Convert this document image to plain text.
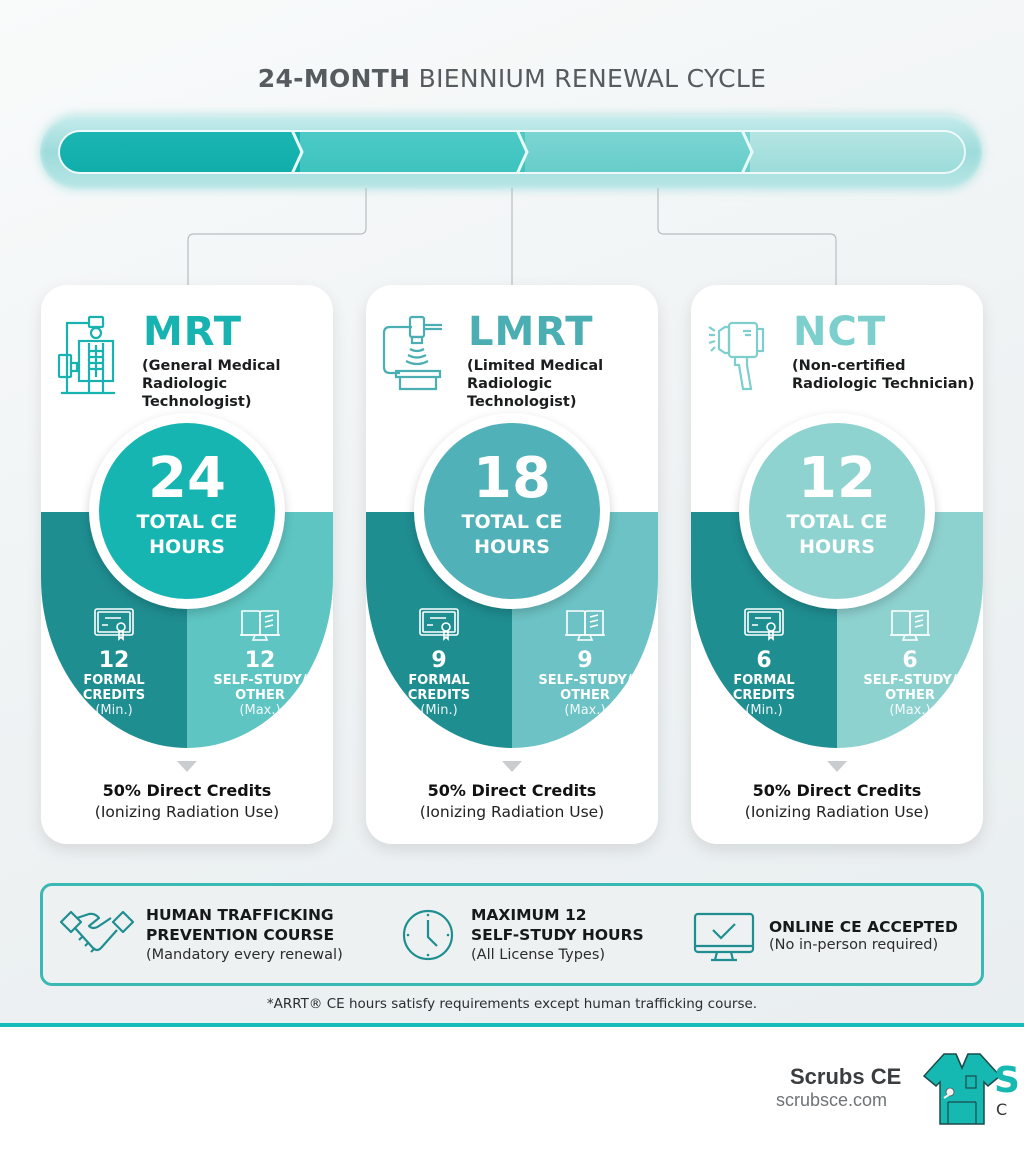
24-MONTH BIENNIUM RENEWAL CYCLE
MRT
(General Medical
Radiologic Technologist)
24
TOTAL CE
HOURS
12
FORMAL
CREDITS
(Min.)
12
SELF-STUDY/
OTHER
(Max.)
50% Direct Credits
(Ionizing Radiation Use)
LMRT
(Limited Medical
Radiologic Technologist)
18
TOTAL CE
HOURS
9
FORMAL
CREDITS
(Min.)
9
SELF-STUDY/
OTHER
(Max.)
50% Direct Credits
(Ionizing Radiation Use)
NCT
(Non-certified
Radiologic Technician)
12
TOTAL CE
HOURS
6
FORMAL
CREDITS
(Min.)
6
SELF-STUDY/
OTHER
(Max.)
50% Direct Credits
(Ionizing Radiation Use)
HUMAN TRAFFICKING
PREVENTION COURSE
(Mandatory every renewal)
MAXIMUM 12
SELF-STUDY HOURS
(All License Types)
ONLINE CE ACCEPTED
(No in-person required)
*ARRT® CE hours satisfy requirements except human trafficking course.
Scrubs CE
scrubsce.com	S
C
